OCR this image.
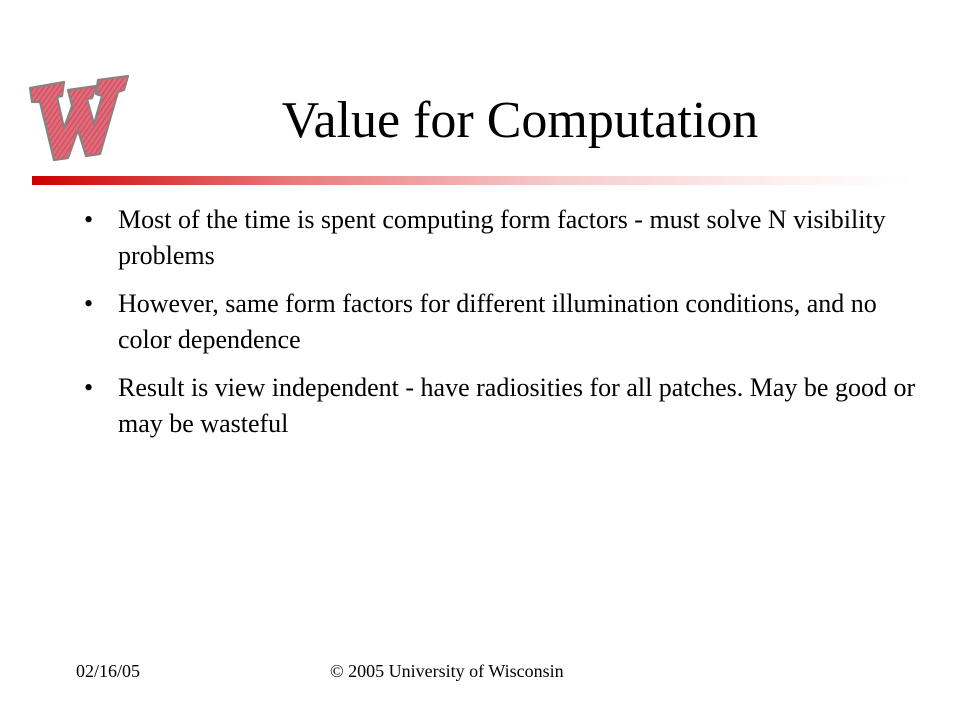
Value for Computation
• Most of the time is spent computing form factors - must solve N visibility problems
• However, same form factors for different illumination conditions, and no color dependence
• Result is view independent - have radiosities for all patches. May be good or may be wasteful
02/16/05	© 2005 University of Wisconsin
